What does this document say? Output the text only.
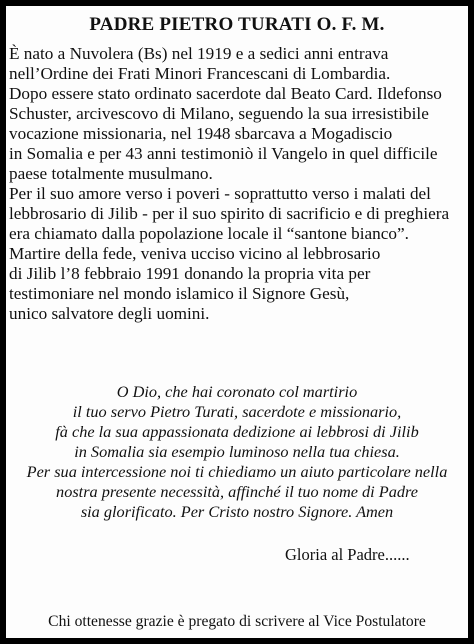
PADRE PIETRO TURATI O. F. M.
È nato a Nuvolera (Bs) nel 1919 e a sedici anni entrava
nell’Ordine dei Frati Minori Francescani di Lombardia.
Dopo essere stato ordinato sacerdote dal Beato Card. Ildefonso
Schuster, arcivescovo di Milano, seguendo la sua irresistibile
vocazione missionaria, nel 1948 sbarcava a Mogadiscio
in Somalia e per 43 anni testimoniò il Vangelo in quel difficile
paese totalmente musulmano.
Per il suo amore verso i poveri - soprattutto verso i malati del
lebbrosario di Jilib - per il suo spirito di sacrificio e di preghiera
era chiamato dalla popolazione locale il “santone bianco”.
Martire della fede, veniva ucciso vicino al lebbrosario
di Jilib l’8 febbraio 1991 donando la propria vita per
testimoniare nel mondo islamico il Signore Gesù,
unico salvatore degli uomini.
O Dio, che hai coronato col martirio
il tuo servo Pietro Turati, sacerdote e missionario,
fà che la sua appassionata dedizione ai lebbrosi di Jilib
in Somalia sia esempio luminoso nella tua chiesa.
Per sua intercessione noi ti chiediamo un aiuto particolare nella
nostra presente necessità, affinché il tuo nome di Padre
sia glorificato. Per Cristo nostro Signore. Amen
Gloria al Padre......
Chi ottenesse grazie è pregato di scrivere al Vice Postulatore
